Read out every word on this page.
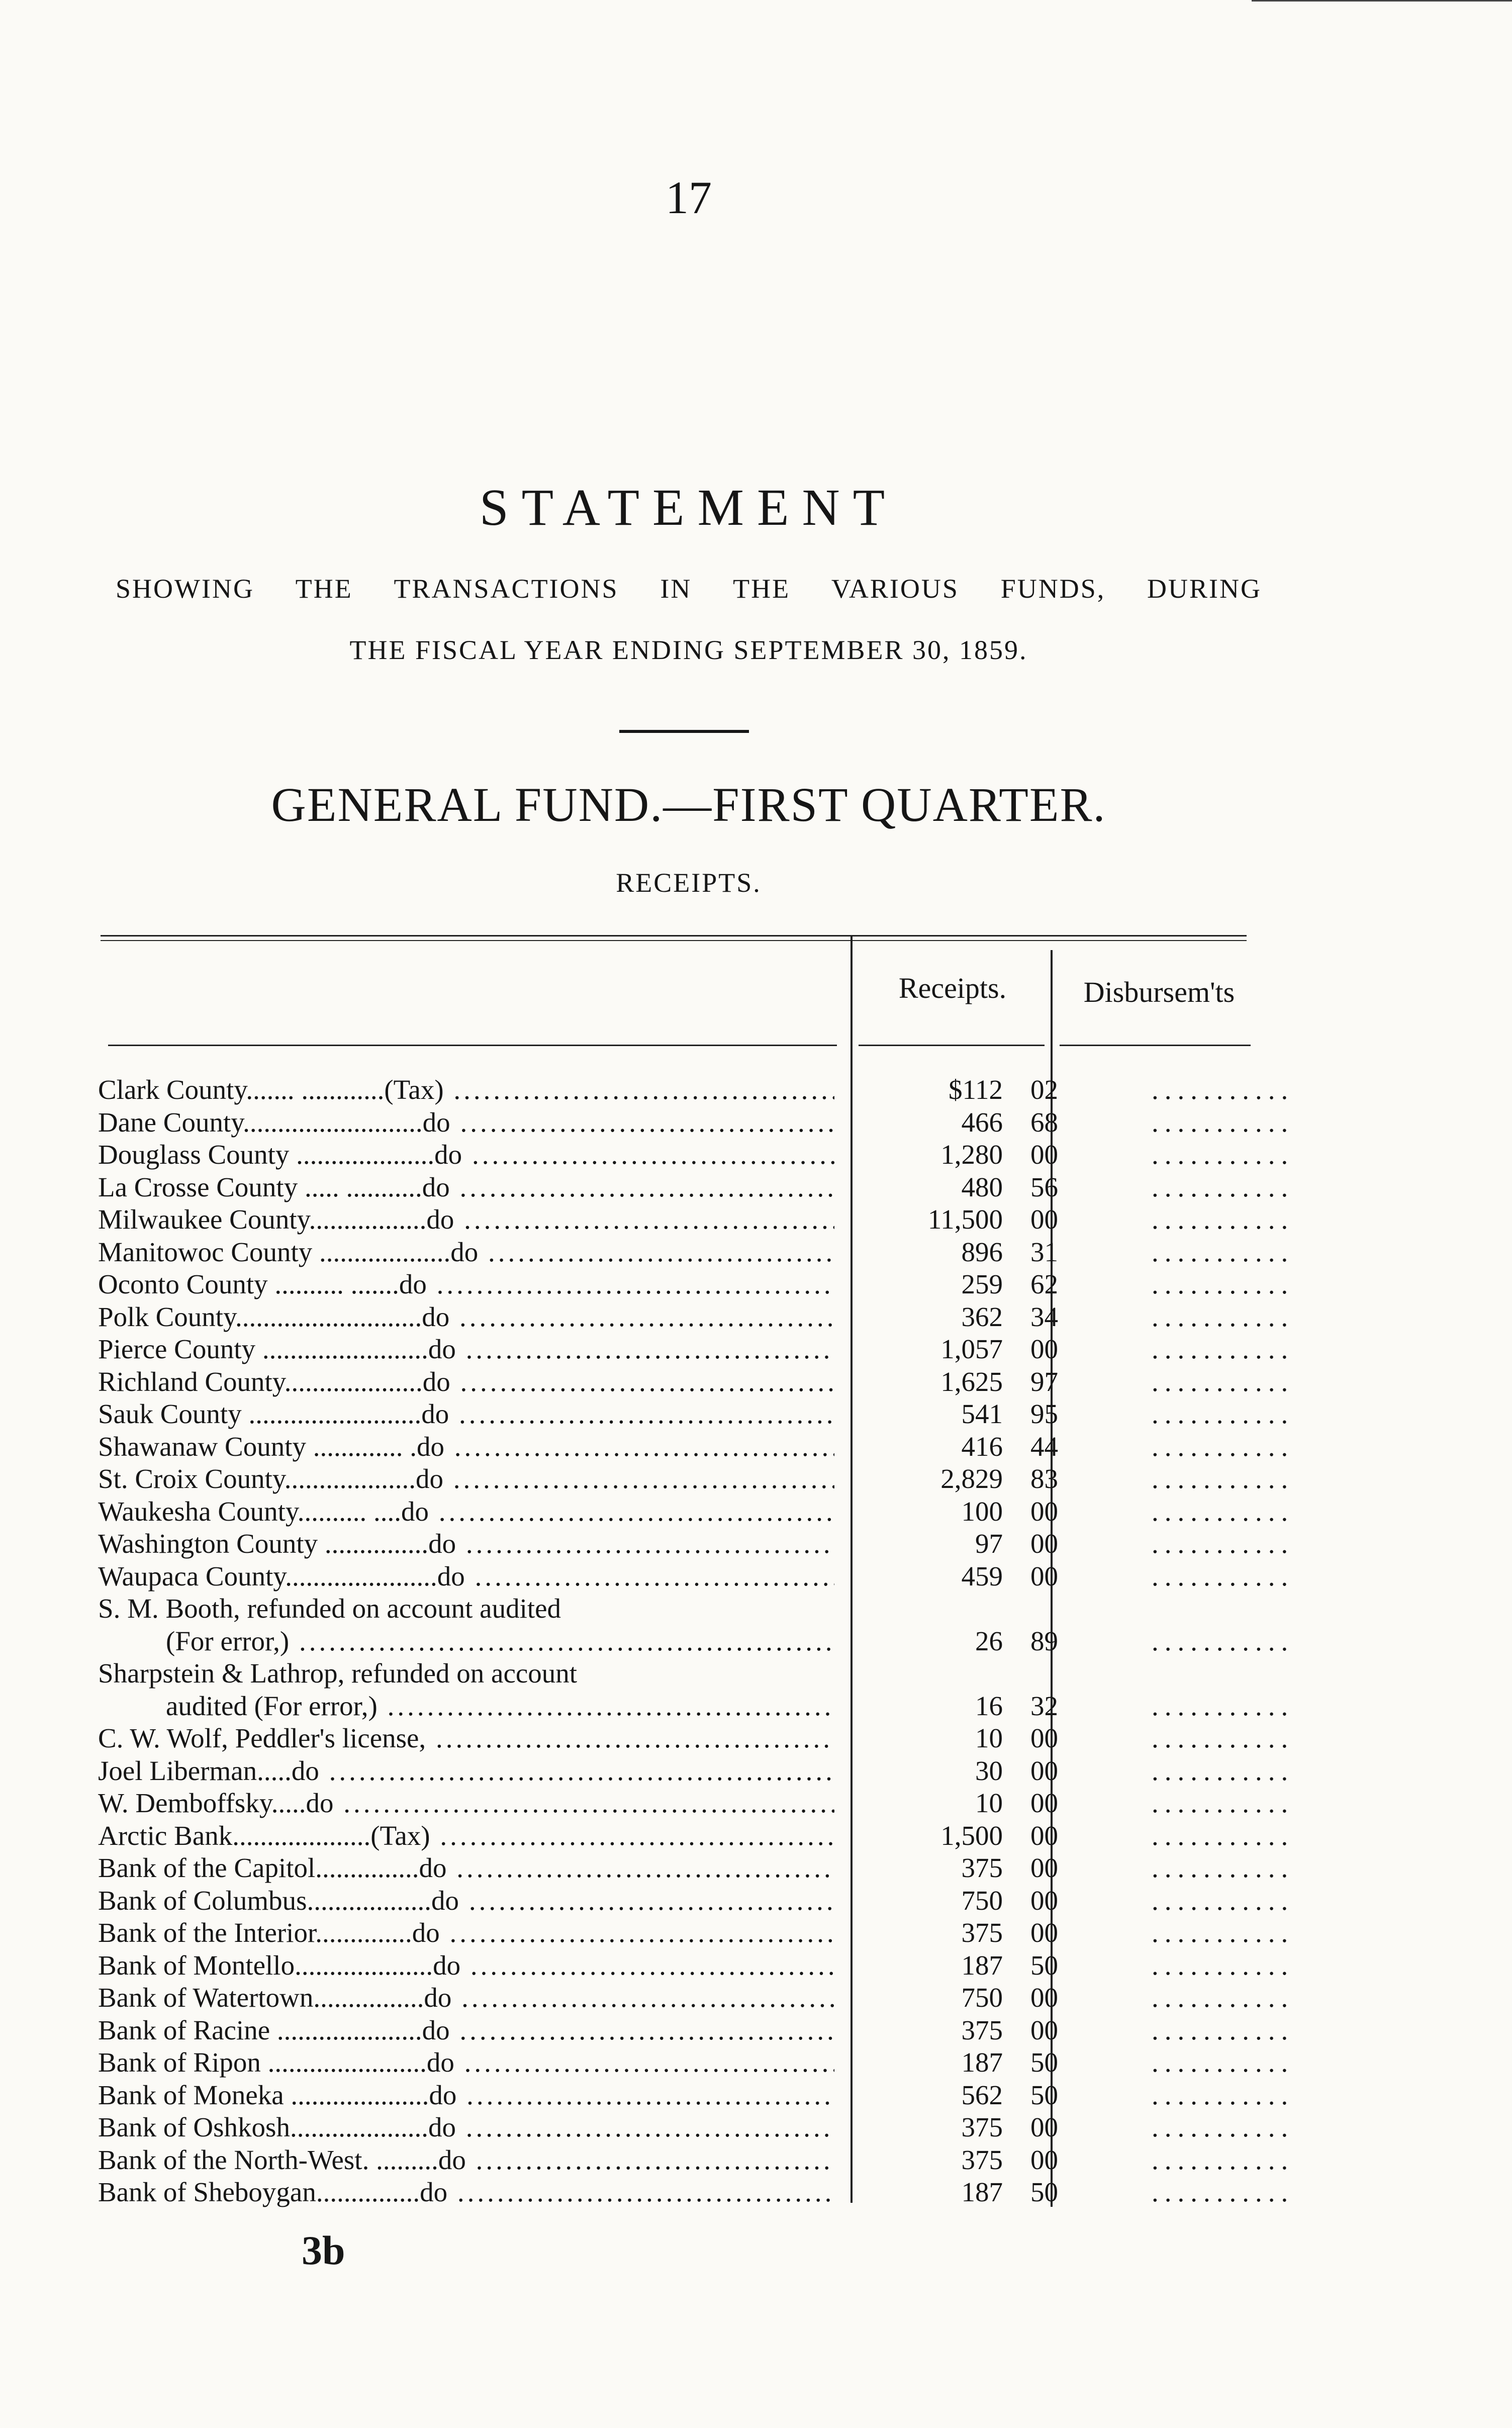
17
STATEMENT
SHOWING THE TRANSACTIONS IN THE VARIOUS FUNDS, DURING
THE FISCAL YEAR ENDING SEPTEMBER 30, 1859.
GENERAL FUND.—FIRST QUARTER.
RECEIPTS.
Receipts.	Disbursem'ts
Clark County....... ............(Tax) .....	$112 02	...........
Dane County..........................do .....	466 68	...........
Douglass County ....................do .....	1,280 00	...........
La Crosse County ..... ...........do .....	480 56	...........
Milwaukee County.................do .....	11,500 00	...........
Manitowoc County ...................do .....	896 31	...........
Oconto County .......... .......do .....	259 62	...........
Polk County...........................do .....	362 34	...........
Pierce County ........................do .....	1,057 00	...........
Richland County....................do .....	1,625 97	...........
Sauk County .........................do .....	541 95	...........
Shawanaw County ............. .do .....	416 44	...........
St. Croix County...................do .....	2,829 83	...........
Waukesha County.......... ....do .....	100 00	...........
Washington County ...............do .....	97 00	...........
Waupaca County......................do .....	459 00	...........
S. M. Booth, refunded on account audited
(For error,) .....	26 89	...........
Sharpstein & Lathrop, refunded on account
audited (For error,) .....	16 32	...........
C. W. Wolf, Peddler's license, .....	10 00	...........
Joel Liberman.....do .....	30 00	...........
W. Demboffsky.....do .....	10 00	...........
Arctic Bank....................(Tax) .....	1,500 00	...........
Bank of the Capitol...............do .....	375 00	...........
Bank of Columbus..................do .....	750 00	...........
Bank of the Interior..............do .....	375 00	...........
Bank of Montello....................do .....	187 50	...........
Bank of Watertown................do .....	750 00	...........
Bank of Racine .....................do .....	375 00	...........
Bank of Ripon .......................do .....	187 50	...........
Bank of Moneka ....................do .....	562 50	...........
Bank of Oshkosh....................do .....	375 00	...........
Bank of the North-West. .........do .....	375 00	...........
Bank of Sheboygan...............do .....	187 50	...........
3b
